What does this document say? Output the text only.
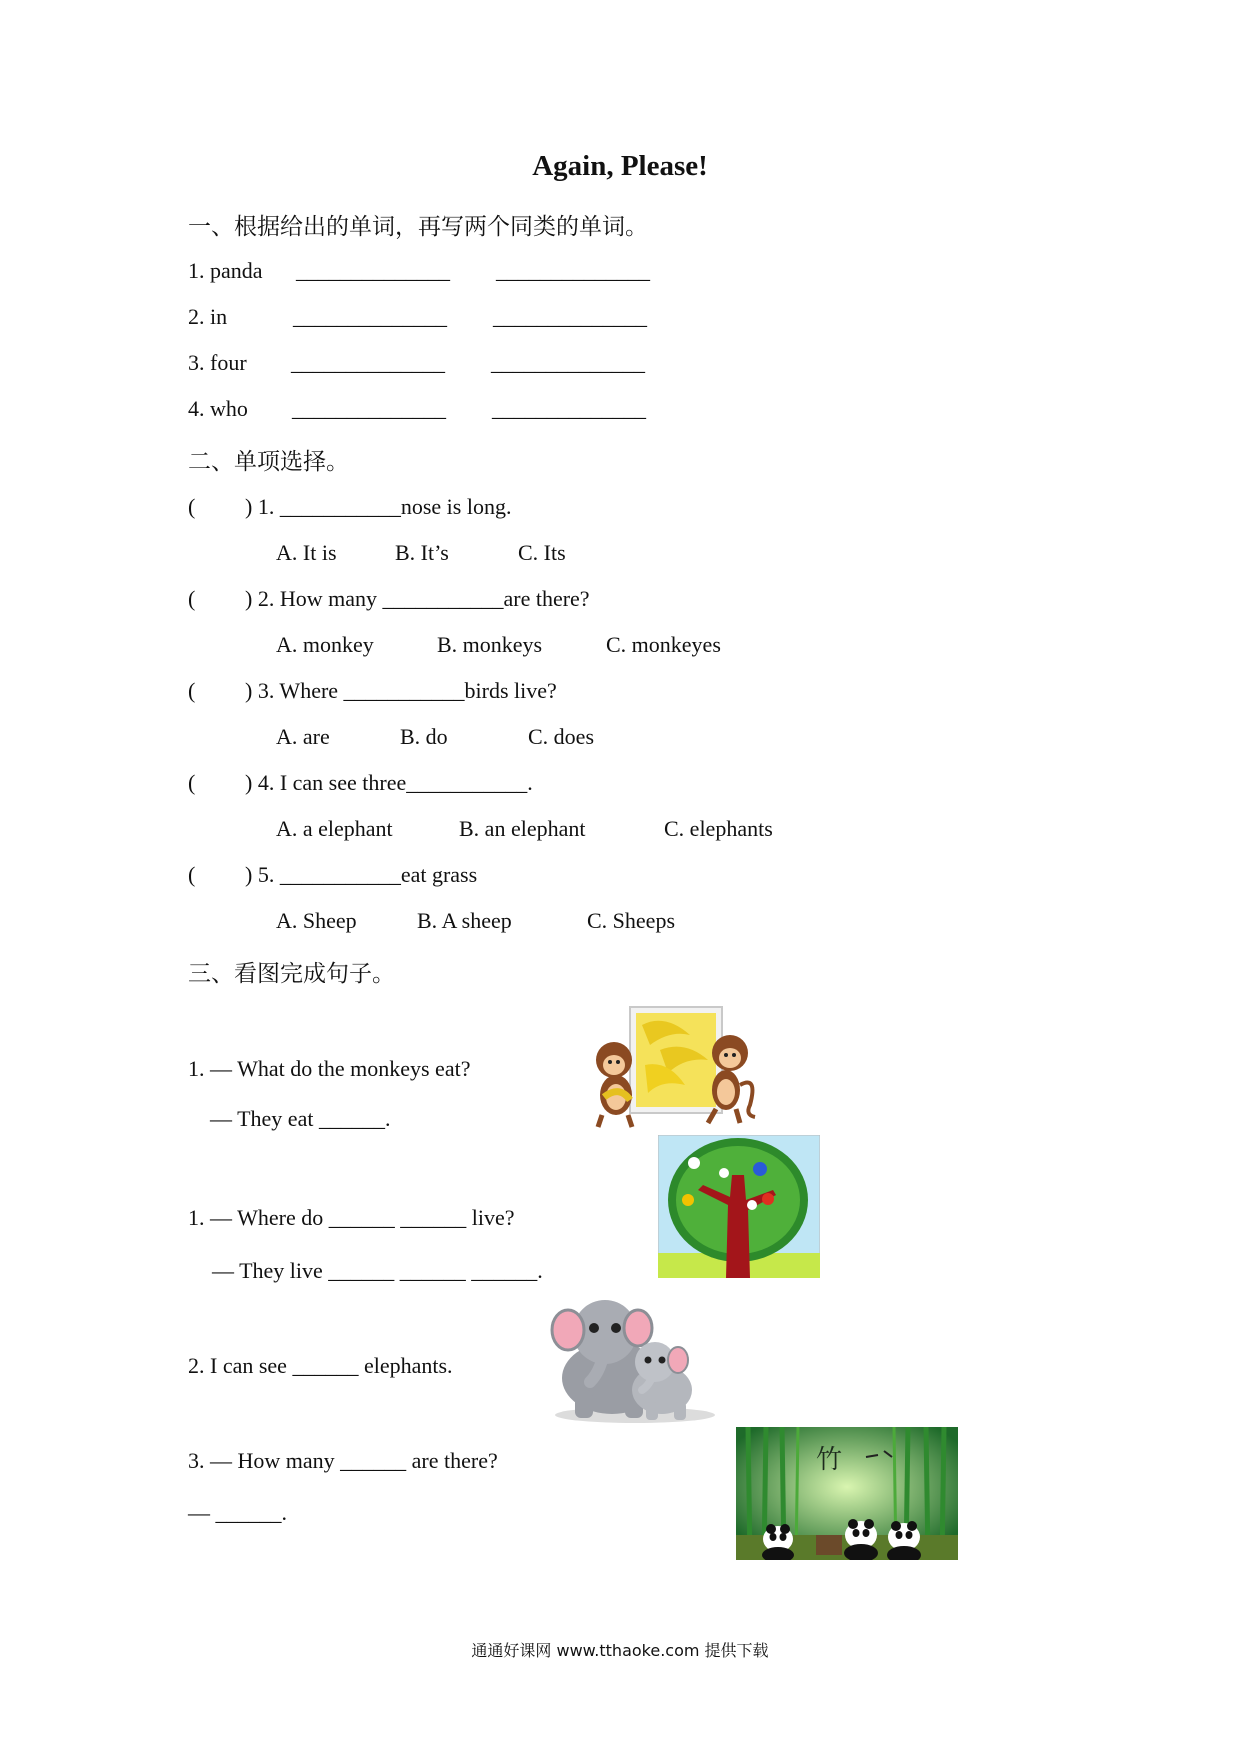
Again, Please!
一、根据给出的单词，再写两个同类的单词。
1. panda ______________ ______________
2. in	______________ ______________
3. four ______________ ______________
4. who ______________ ______________
二、单项选择。
( ) 1. ___________nose is long.
A. It is	B. It’s	C. Its
( ) 2. How many ___________are there?
A. monkey	B. monkeys	C. monkeyes
( ) 3. Where ___________birds live?
A. are	B. do	C. does
( ) 4. I can see three___________.
A. a elephant	B. an elephant	C. elephants
( ) 5. ___________eat grass
A. Sheep	B. A sheep	C. Sheeps
三、看图完成句子。
1. — What do the monkeys eat?
— They eat ______.
1. — Where do ______ ______ live?
— They live ______ ______ ______.
2. I can see ______ elephants.
3. — How many ______ are there?
— ______.
竹
通通好课网 www.tthaoke.com 提供下载
